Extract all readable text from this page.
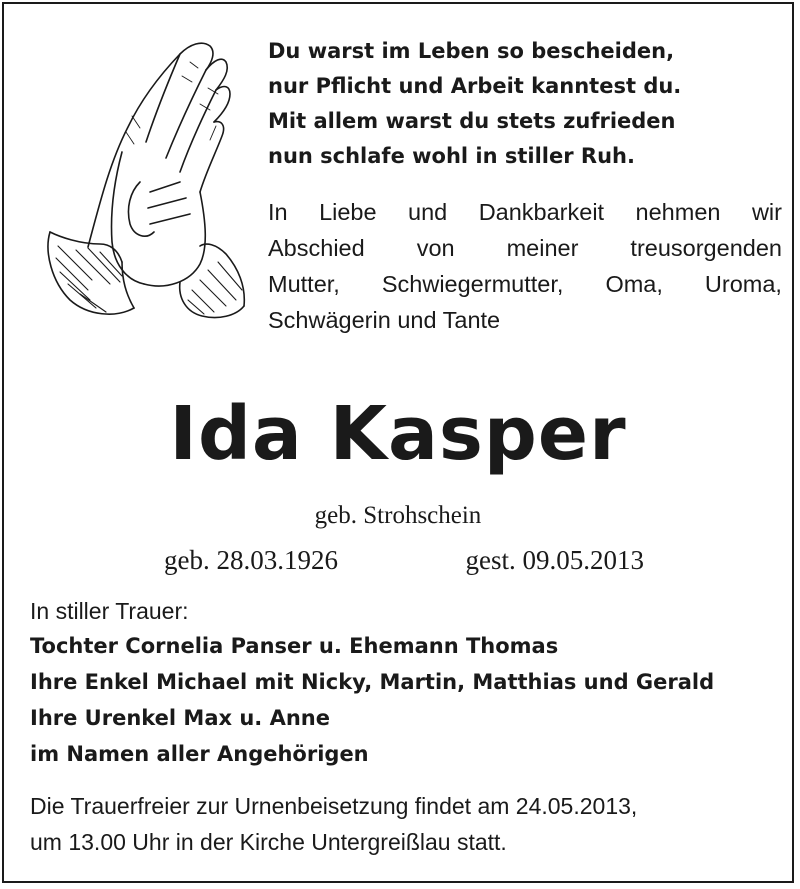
Du warst im Leben so bescheiden,
nur Pflicht und Arbeit kanntest du.
Mit allem warst du stets zufrieden
nun schlafe wohl in stiller Ruh.
In Liebe und Dankbarkeit nehmen wir
Abschied von meiner treusorgenden
Mutter, Schwiegermutter, Oma, Uroma,
Schwägerin und Tante
Ida Kasper
geb. Strohschein
geb. 28.03.1926	gest. 09.05.2013
In stiller Trauer:
Tochter Cornelia Panser u. Ehemann Thomas
Ihre Enkel Michael mit Nicky, Martin, Matthias und Gerald
Ihre Urenkel Max u. Anne
im Namen aller Angehörigen
Die Trauerfreier zur Urnenbeisetzung findet am 24.05.2013,
um 13.00 Uhr in der Kirche Untergreißlau statt.
